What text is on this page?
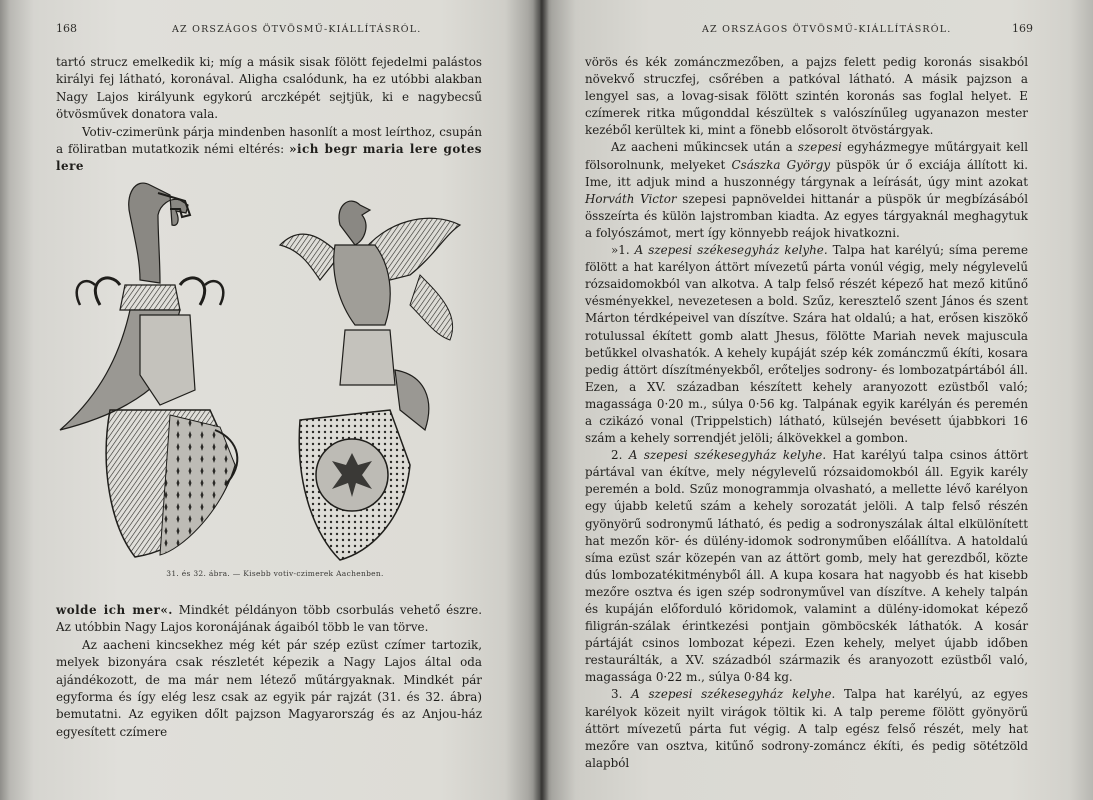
168	AZ ORSZÁGOS ÖTVÖSMŰ-KIÁLLÍTÁSRÓL.

tartó strucz emelkedik ki; míg a másik sisak fölött fejedelmi palástos királyi fej látható, koronával. Aligha csalódunk, ha ez utóbbi alakban Nagy Lajos királyunk egykorú arczképét sejtjük, ki e nagybecsű ötvösművek donatora vala.

Votiv-czimerünk párja mindenben hasonlít a most leírthoz, csupán a föliratban mutatkozik némi eltérés: »ich begr maria lere gotes lere

31. és 32. ábra. — Kisebb votiv-czimerek Aachenben.

wolde ich mer«. Mindkét példányon több csorbulás vehető észre. Az utóbbin Nagy Lajos koronájának ágaiból több le van törve.

Az aacheni kincsekhez még két pár szép ezüst czímer tartozik, melyek bizonyára csak részletét képezik a Nagy Lajos által oda ajándékozott, de ma már nem létező műtárgyaknak. Mindkét pár egyforma és így elég lesz csak az egyik pár rajzát (31. és 32. ábra) bemutatni. Az egyiken dőlt pajzson Magyarország és az Anjou-ház egyesített czímere

AZ ORSZÁGOS ÖTVÖSMŰ-KIÁLLÍTÁSRÓL.	169

vörös és kék zománczmezőben, a pajzs felett pedig koronás sisakból növekvő struczfej, csőrében a patkóval látható. A másik pajzson a lengyel sas, a lovag-sisak fölött szintén koronás sas foglal helyet. E czímerek ritka műgonddal készültek s valószínűleg ugyanazon mester kezéből kerültek ki, mint a fönebb elősorolt ötvöstárgyak.

Az aacheni műkincsek után a szepesi egyházmegye műtárgyait kell fölsorolnunk, melyeket Császka György püspök úr ő exciája állított ki. Ime, itt adjuk mind a huszonnégy tárgynak a leírását, úgy mint azokat Horváth Victor szepesi papnöveldei hittanár a püspök úr megbízásából összeírta és külön lajstromban kiadta. Az egyes tárgyaknál meghagytuk a folyószámot, mert így könnyebb reájok hivatkozni.

»1. A szepesi székesegyház kelyhe. Talpa hat karélyú; síma pereme fölött a hat karélyon áttört mívezetű párta vonúl végig, mely négylevelű rózsaidomokból van alkotva. A talp felső részét képező hat mező kitűnő vésményekkel, nevezetesen a bold. Szűz, keresztelő szent János és szent Márton térdképeivel van díszítve. Szára hat oldalú; a hat, erősen kiszökő rotulussal ékített gomb alatt Jhesus, fölötte Mariah nevek majuscula betűkkel olvashatók. A kehely kupáját szép kék zománczmű ékíti, kosara pedig áttört díszítményekből, erőteljes sodrony- és lombozatpártából áll. Ezen, a XV. században készített kehely aranyozott ezüstből való; magassága 0·20 m., súlya 0·56 kg. Talpának egyik karélyán és peremén a czikázó vonal (Trippelstich) látható, külsején bevésett újabbkori 16 szám a kehely sorrendjét jelöli; álkövekkel a gombon.

2. A szepesi székesegyház kelyhe. Hat karélyú talpa csinos áttört pártával van ékítve, mely négylevelű rózsaidomokból áll. Egyik karély peremén a bold. Szűz monogrammja olvasható, a mellette lévő karélyon egy újabb keletű szám a kehely sorozatát jelöli. A talp felső részén gyönyörű sodronymű látható, és pedig a sodronyszálak által elkülönített hat mezőn kör- és dülény-idomok sodronyműben előállítva. A hatoldalú síma ezüst szár közepén van az áttört gomb, mely hat gerezdből, közte dús lombozatékitményből áll. A kupa kosara hat nagyobb és hat kisebb mezőre osztva és igen szép sodronyművel van díszítve. A kehely talpán és kupáján előforduló köridomok, valamint a dülény-idomokat képező filigrán-szálak érintkezési pontjain gömböcskék láthatók. A kosár pártáját csinos lombozat képezi. Ezen kehely, melyet újabb időben restaurálták, a XV. századból származik és aranyozott ezüstből való, magassága 0·22 m., súlya 0·84 kg.

3. A szepesi székesegyház kelyhe. Talpa hat karélyú, az egyes karélyok közeit nyilt virágok töltik ki. A talp pereme fölött gyönyörű áttört mívezetű párta fut végig. A talp egész felső részét, mely hat mezőre van osztva, kitűnő sodrony-zománcz ékíti, és pedig sötétzöld alapból
